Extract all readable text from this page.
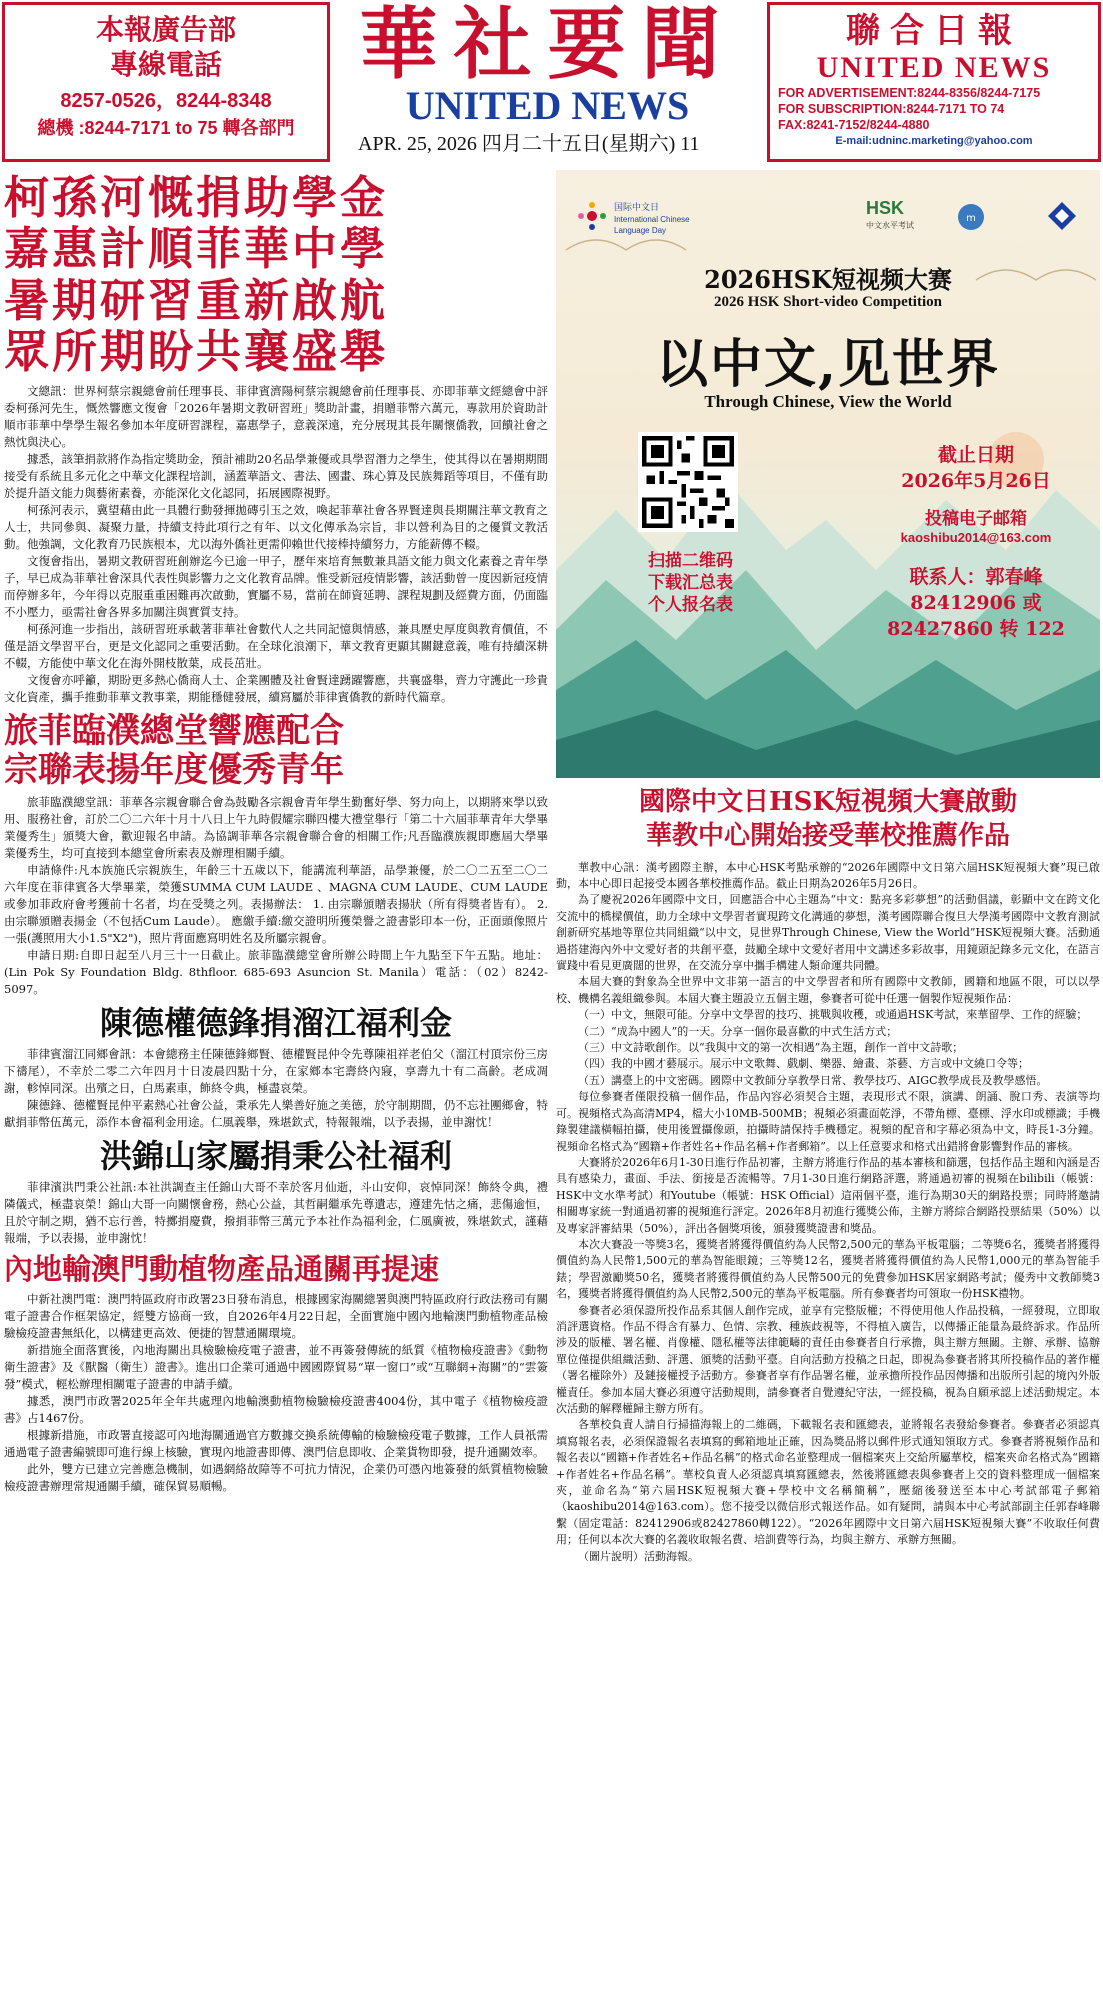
本報廣告部
專線電話
8257-0526，8244-8348
總機 :8244-7171 to 75 轉各部門
華社要聞
UNITED NEWS
APR. 25, 2026 四月二十五日(星期六) 11
聯合日報
UNITED NEWS
FOR ADVERTISEMENT:8244-8356/8244-7175
FOR SUBSCRIPTION:8244-7171 TO 74
FAX:8241-7152/8244-4880
E-mail:udninc.marketing@yahoo.com
柯孫河慨捐助學金
嘉惠計順菲華中學
暑期研習重新啟航
眾所期盼共襄盛舉

文總訊：世界柯蔡宗親總會前任理事長、菲律賓濟陽柯蔡宗親總會前任理事長、亦即菲華文經總會中評委柯孫河先生，慨然響應文復會「2026年暑期文教研習班」獎助計畫，捐贈菲幣六萬元，專款用於資助計順市菲華中學學生報名參加本年度研習課程，嘉惠學子，意義深遠，充分展現其長年關懷僑教，回饋社會之熱忱與決心。

據悉，該筆捐款將作為指定獎助金，預計補助20名品學兼優或具學習潛力之學生，使其得以在暑期期間接受有系統且多元化之中華文化課程培訓，涵蓋華語文、書法、國畫、珠心算及民族舞蹈等項目，不僅有助於提升語文能力與藝術素養，亦能深化文化認同，拓展國際視野。

柯孫河表示，冀望藉由此一具體行動發揮拋磚引玉之效，喚起菲華社會各界賢達與長期關注華文教育之人士，共同參與、凝聚力量，持續支持此項行之有年、以文化傳承為宗旨，非以營利為目的之優質文教活動。他強調，文化教育乃民族根本，尤以海外僑社更需仰賴世代接棒持續努力，方能薪傳不輟。

文復會指出，暑期文教研習班創辦迄今已逾一甲子，歷年來培育無數兼具語文能力與文化素養之青年學子，早已成為菲華社會深具代表性與影響力之文化教育品牌。惟受新冠疫情影響，該活動曾一度因新冠疫情而停辦多年，今年得以克服重重困難再次啟動，實屬不易，當前在師資延聘、課程規劃及經費方面，仍面臨不小壓力，亟需社會各界多加關注與實質支持。

柯孫河進一步指出，該研習班承載著菲華社會數代人之共同記憶與情感，兼具歷史厚度與教育價值，不僅是語文學習平台，更是文化認同之重要活動。在全球化浪潮下，華文教育更顯其關鍵意義，唯有持續深耕不輟，方能使中華文化在海外開枝散葉，成長茁壯。

文復會亦呼籲，期盼更多熱心僑商人士、企業團體及社會賢達踴躍響應，共襄盛舉，齊力守護此一珍貴文化資產，攜手推動菲華文教事業，期能穩健發展，續寫屬於菲律賓僑教的新時代篇章。

旅菲臨濮總堂響應配合
宗聯表揚年度優秀青年

旅菲臨濮總堂訊：菲華各宗親會聯合會為鼓勵各宗親會青年學生勤奮好學、努力向上，以期將來學以致用、服務社會，訂於二〇二六年十月十八日上午九時假耀宗聯四樓大禮堂舉行「第二十六屆菲華青年大學畢業優秀生」頒獎大會，歡迎報名申請。為協調菲華各宗親會聯合會的相關工作;凡吾臨濮族親即應屆大學畢業優秀生，均可直接到本總堂會所索表及辦理相關手續。

申請條件:凡本族施氏宗親族生，年齡三十五歲以下，能講流利華語，品學兼優，於二〇二五至二〇二六年度在菲律賓各大學畢業，榮獲SUMMA CUM LAUDE 、MAGNA CUM LAUDE、CUM LAUDE或參加菲政府會考獲前十名者，均在受獎之列。表揚辦法： 1. 由宗聯頒贈表揚狀（所有得獎者皆有）。 2. 由宗聯頒贈表揚金（不包括Cum Laude）。 應繳手續:繳交證明所獲榮譽之證書影印本一份，正面頭像照片一張(護照用大小1.5"X2")，照片背面應寫明姓名及所屬宗親會。

申請日期:自即日起至八月三十一日截止。旅菲臨濮總堂會所辦公時間上午九點至下午五點。地址：(Lin Pok Sy Foundation Bldg. 8thfloor. 685-693 Asuncion St. Manila）電話：（02）8242-5097。

陳德權德鋒捐溜江福利金

菲律賓溜江同鄉會訊：本會總務主任陳德鋒鄉賢、德權賢昆仲令先尊陳祖祥老伯父（溜江村頂宗份三房下禱尾），不幸於二零二六年四月十日凌晨四點十分，在家鄉本宅壽終內寢，享壽九十有二高齡。老成凋謝，軫悼同深。出殯之日，白馬素車，飾終令典，極盡哀榮。

陳德鋒、德權賢昆仲平素熱心社會公益，秉承先人樂善好施之美德，於守制期間，仍不忘社團鄉會，特獻捐菲幣伍萬元，添作本會福利金用途。仁風義舉，殊堪欽式，特報報端，以予表揚，並申謝忱！

洪錦山家屬捐秉公社福利

菲律濱洪門秉公社訊:本社洪調查主任錦山大哥不幸於客月仙逝，斗山安仰，哀悼同深！飾終令典，禮隣儀式，極盡哀榮！錦山大哥一向關懷會務，熱心公益，其哲嗣繼承先尊遺志，遵建先怙之痛，悲傷逾恒，且於守制之期，猶不忘行善，特擲捐慶費，撥捐菲幣三萬元予本社作為福利金，仁風廣被，殊堪欽式，謹藉報端，予以表揚，並申謝忱！

內地輸澳門動植物產品通關再提速

中新社澳門電：澳門特區政府市政署23日發布消息，根據國家海關總署與澳門特區政府行政法務司有關電子證書合作框架協定，經雙方協商一致，自2026年4月22日起，全面實施中國內地輸澳門動植物產品檢驗檢疫證書無紙化，以構建更高效、便捷的智慧通關環境。

新措施全面落實後，內地海關出具檢驗檢疫電子證書，並不再簽發傳統的紙質《植物檢疫證書》《動物衛生證書》及《獸醫（衛生）證書》。進出口企業可通過中國國際貿易“單一窗口”或“互聯網+海關”的“雲簽發”模式，輕松辦理相關電子證書的申請手續。

據悉，澳門市政署2025年全年共處理內地輸澳動植物檢驗檢疫證書4004份，其中電子《植物檢疫證書》占1467份。

根據新措施，市政署直接認可內地海關通過官方數據交換系統傳輸的檢驗檢疫電子數據，工作人員祇需通過電子證書編號即可進行線上核驗，實現內地證書即傳、澳門信息即收、企業貨物即發，提升通關效率。

此外，雙方已建立完善應急機制，如遇網絡故障等不可抗力情況，企業仍可憑內地簽發的紙質植物檢驗檢疫證書辦理常規通關手續，確保貿易順暢。

国际中文日
International Chinese Language Day
HSK
中文水平考试
m
2026HSK短视频大赛
2026 HSK Short-video Competition
以中文,见世界
Through Chinese, View the World
扫描二维码
下载汇总表
个人报名表
截止日期
2026年5月26日
投稿电子邮箱
kaoshibu2014@163.com
联系人：郭春峰
82412906 或
82427860 转 122
國際中文日HSK短視頻大賽啟動
華教中心開始接受華校推薦作品

華教中心訊：漢考國際主辦，本中心HSK考點承辦的“2026年國際中文日第六屆HSK短視頻大賽”現已啟動，本中心即日起接受本國各華校推薦作品。截止日期為2026年5月26日。

為了慶祝2026年國際中文日，回應語合中心主題為“中文：點亮多彩夢想”的活動倡議，彰顯中文在跨文化交流中的橋樑價值，助力全球中文學習者實現跨文化溝通的夢想，漢考國際聯合復旦大學漢考國際中文教育測試創新研究基地等單位共同組織“以中文，見世界Through Chinese, View the World”HSK短視頻大賽。活動通過搭建海內外中文愛好者的共創平臺，鼓勵全球中文愛好者用中文講述多彩故事，用鏡頭記錄多元文化，在語言實踐中看見更廣闊的世界，在交流分享中攜手構建人類命運共同體。

本屆大賽的對象為全世界中文非第一語言的中文學習者和所有國際中文教師，國籍和地區不限，可以以學校、機構名義組織參與。本屆大賽主題設立五個主題，參賽者可從中任選一個製作短視頻作品：

（一）中文，無限可能。分享中文學習的技巧、挑戰與收穫，或通過HSK考試，來華留學、工作的經驗；

（二）“成為中國人”的一天。分享一個你最喜歡的中式生活方式；

（三）中文詩歌創作。以“我與中文的第一次相遇”為主題，創作一首中文詩歌；

（四）我的中國才藝展示。展示中文歌舞、戲劇、樂器、繪畫、茶藝、方言或中文繞口令等；

（五）講臺上的中文密碼。國際中文教師分享教學日常、教學技巧、AIGC教學成長及教學感悟。

每位參賽者僅限投稿一個作品，作品內容必須契合主題，表現形式不限，演講、朗誦、脫口秀、表演等均可。視頻格式為高清MP4，檔大小10MB-500MB；視頻必須畫面乾淨，不帶角標、臺標、浮水印或標識；手機錄製建議橫幅拍攝，使用後置攝像頭，拍攝時請保持手機穩定。視頻的配音和字幕必須為中文，時長1-3分鐘。視頻命名格式為“國籍+作者姓名+作品名稱+作者郵箱”。以上任意要求和格式出錯將會影響對作品的審核。

大賽將於2026年6月1-30日進行作品初審，主辦方將進行作品的基本審核和篩選，包括作品主題和內涵是否具有感染力，畫面、手法、銜接是否流暢等。7月1-30日進行網路評選，將通過初審的視頻在bilibili（帳號：HSK中文水準考試）和Youtube（帳號：HSK Official）這兩個平臺，進行為期30天的網路投票；同時將邀請相關專家統一對通過初審的視頻進行評定。2026年8月初進行獲獎公佈，主辦方將綜合網路投票結果（50%）以及專家評審結果（50%），評出各個獎項後，頒發獲獎證書和獎品。

本次大賽設一等獎3名，獲獎者將獲得價值約為人民幣2,500元的華為平板電腦；二等獎6名，獲獎者將獲得價值約為人民幣1,500元的華為智能眼鏡；三等獎12名，獲獎者將獲得價值約為人民幣1,000元的華為智能手錶；學習激勵獎50名，獲獎者將獲得價值約為人民幣500元的免費參加HSK居家網路考試；優秀中文教師獎3名，獲獎者將獲得價值約為人民幣2,500元的華為平板電腦。所有參賽者均可領取一份HSK禮物。

參賽者必須保證所投作品系其個人創作完成，並享有完整版權；不得使用他人作品投稿，一經發現，立即取消評選資格。作品不得含有暴力、色情、宗教、種族歧視等，不得植入廣告，以傳播正能量為最終訴求。作品所涉及的版權、署名權、肖像權、隱私權等法律範疇的責任由參賽者自行承擔，與主辦方無關。主辦、承辦、協辦單位僅提供組織活動、評選、頒獎的活動平臺。自向活動方投稿之日起，即視為參賽者將其所投稿作品的著作權（署名權除外）及鏈接權授予活動方。參賽者享有作品署名權，並承擔所投作品因傳播和出版所引起的境內外版權責任。參加本屆大賽必須遵守活動規則，請參賽者自覺遵紀守法，一經投稿，視為自願承認上述活動規定。本次活動的解釋權歸主辦方所有。

各華校負責人請自行掃描海報上的二維碼，下載報名表和匯總表，並將報名表發給參賽者。參賽者必須認真填寫報名表，必須保證報名表填寫的郵箱地址正確，因為獎品將以郵件形式通知領取方式。參賽者將視頻作品和報名表以“國籍+作者姓名+作品名稱”的格式命名並整理成一個檔案夾上交給所屬華校，檔案夾命名格式為“國籍+作者姓名+作品名稱”。華校負責人必須認真填寫匯總表，然後將匯總表與參賽者上交的資料整理成一個檔案夾，並命名為“第六屆HSK短視頻大賽+學校中文名稱簡稱”，壓縮後發送至本中心考試部電子郵箱（kaoshibu2014@163.com）。您不接受以微信形式報送作品。如有疑問，請與本中心考試部副主任郭春峰聯繫（固定電話：82412906或82427860轉122）。“2026年國際中文日第六屆HSK短視頻大賽”不收取任何費用；任何以本次大賽的名義收取報名費、培訓費等行為，均與主辦方、承辦方無關。

（圖片說明）活動海報。
